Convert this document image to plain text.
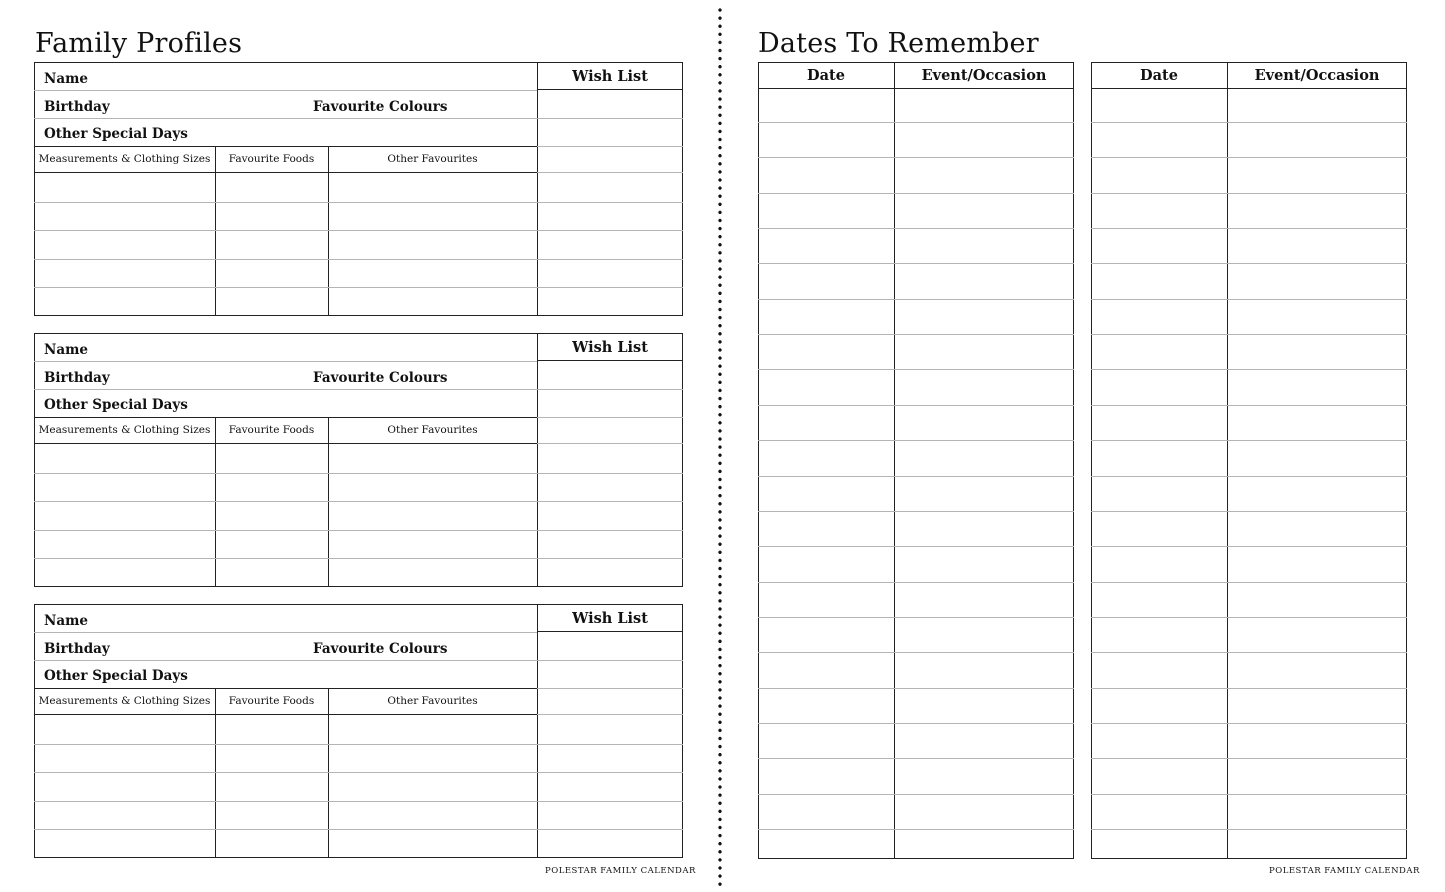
Family Profiles	Dates To Remember
Name
Birthday	Favourite Colours
Other Special Days
Wish List
Measurements & Clothing Sizes	Favourite Foods	Other Favourites
Name
Birthday	Favourite Colours
Other Special Days
Wish List
Measurements & Clothing Sizes	Favourite Foods	Other Favourites
Name
Birthday	Favourite Colours
Other Special Days
Wish List
Measurements & Clothing Sizes	Favourite Foods	Other Favourites
Date	Event/Occasion	Date	Event/Occasion
POLESTAR FAMILY CALENDAR	POLESTAR FAMILY CALENDAR
